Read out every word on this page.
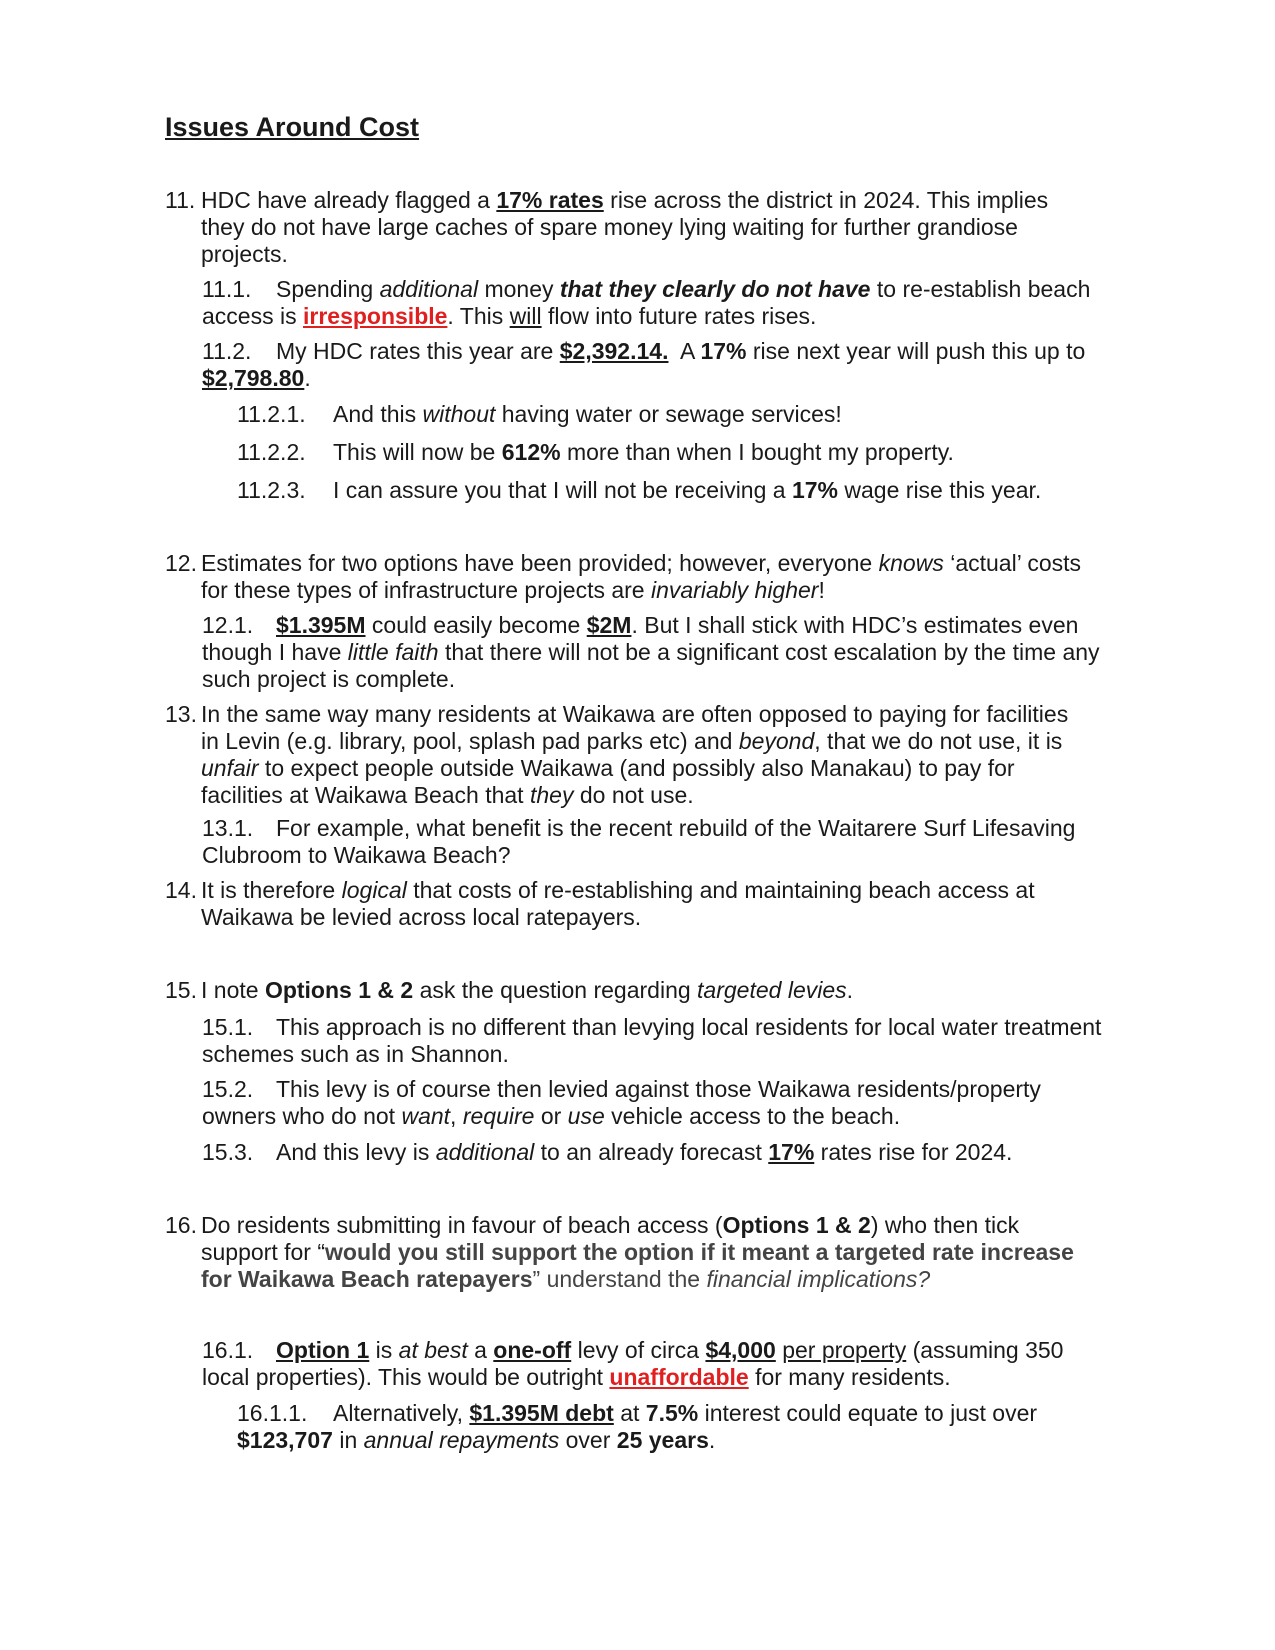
Issues Around Cost
11. HDC have already flagged a 17% rates rise across the district in 2024. This implies they do not have large caches of spare money lying waiting for further grandiose projects.
11.1.	Spending additional money that they clearly do not have to re-establish beach access is irresponsible. This will flow into future rates rises.
11.2.	My HDC rates this year are $2,392.14.  A 17% rise next year will push this up to $2,798.80.
11.2.1.	And this without having water or sewage services!
11.2.2.	This will now be 612% more than when I bought my property.
11.2.3.	I can assure you that I will not be receiving a 17% wage rise this year.
12. Estimates for two options have been provided; however, everyone knows ‘actual’ costs for these types of infrastructure projects are invariably higher!
12.1. $1.395M could easily become $2M. But I shall stick with HDC’s estimates even though I have little faith that there will not be a significant cost escalation by the time any such project is complete.
13. In the same way many residents at Waikawa are often opposed to paying for facilities in Levin (e.g. library, pool, splash pad parks etc) and beyond, that we do not use, it is unfair to expect people outside Waikawa (and possibly also Manakau) to pay for facilities at Waikawa Beach that they do not use.
13.1. For example, what benefit is the recent rebuild of the Waitarere Surf Lifesaving Clubroom to Waikawa Beach?
14. It is therefore logical that costs of re-establishing and maintaining beach access at Waikawa be levied across local ratepayers.
15. I note Options 1 & 2 ask the question regarding targeted levies.
15.1. This approach is no different than levying local residents for local water treatment schemes such as in Shannon.
15.2. This levy is of course then levied against those Waikawa residents/property owners who do not want, require or use vehicle access to the beach.
15.3. And this levy is additional to an already forecast 17% rates rise for 2024.
16. Do residents submitting in favour of beach access (Options 1 & 2) who then tick support for “would you still support the option if it meant a targeted rate increase for Waikawa Beach ratepayers” understand the financial implications?
16.1. Option 1 is at best a one-off levy of circa $4,000 per property (assuming 350 local properties). This would be outright unaffordable for many residents.
16.1.1.	Alternatively, $1.395M debt at 7.5% interest could equate to just over $123,707 in annual repayments over 25 years.
